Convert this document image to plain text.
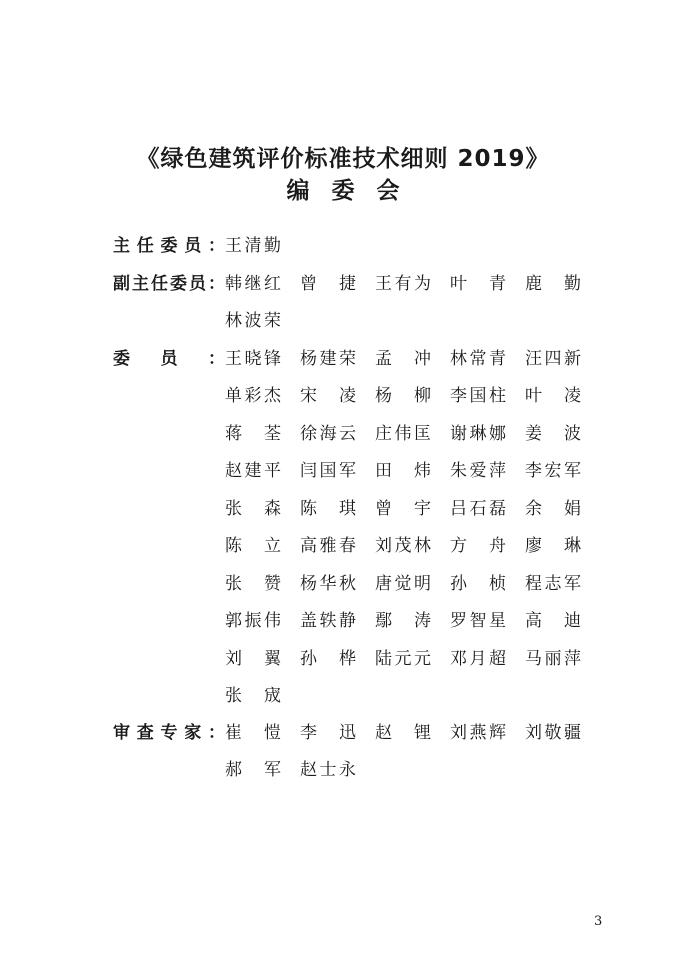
《绿色建筑评价标准技术细则 2019》
编委会
主 任 委 员 ： 王 清 勤
副 主 任 委 员 ： 韩 继 红 曾 捷 王 有 为 叶 青 鹿 勤
林 波 荣
委 员 ： 王 晓 锋 杨 建 荣 孟 冲 林 常 青 汪 四 新
单 彩 杰 宋 凌 杨 柳 李 国 柱 叶 凌
蒋 荃 徐 海 云 庄 伟 匡 谢 琳 娜 姜 波
赵 建 平 闫 国 军 田 炜 朱 爱 萍 李 宏 军
张 森 陈 琪 曾 宇 吕 石 磊 余 娟
陈 立 高 雅 春 刘 茂 林 方 舟 廖 琳
张 赞 杨 华 秋 唐 觉 明 孙 桢 程 志 军
郭 振 伟 盖 轶 静 鄢 涛 罗 智 星 高 迪
刘 翼 孙 桦 陆 元 元 邓 月 超 马 丽 萍
张 宬
审 查 专 家 ： 崔 愷 李 迅 赵 锂 刘 燕 辉 刘 敬 疆
郝 军 赵 士 永
3
